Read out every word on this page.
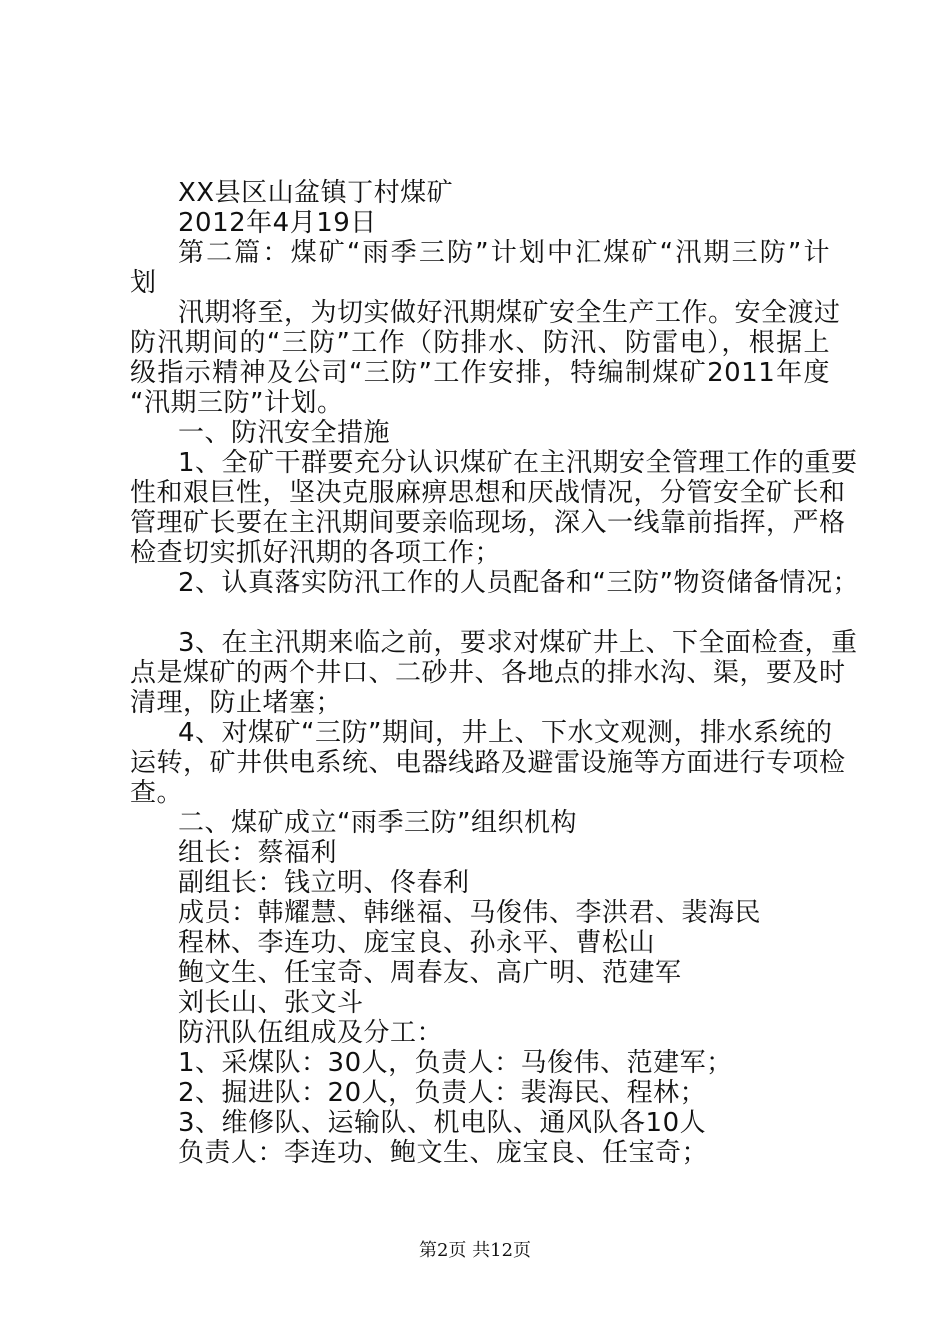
XX县区山盆镇丁村煤矿
2012年4月19日
第二篇：煤矿“雨季三防”计划中汇煤矿“汛期三防”计
划
汛期将至，为切实做好汛期煤矿安全生产工作。安全渡过
防汛期间的“三防”工作（防排水、防汛、防雷电），根据上
级指示精神及公司“三防”工作安排，特编制煤矿2011年度
“汛期三防”计划。
一、防汛安全措施
1、全矿干群要充分认识煤矿在主汛期安全管理工作的重要
性和艰巨性，坚决克服麻痹思想和厌战情况，分管安全矿长和
管理矿长要在主汛期间要亲临现场，深入一线靠前指挥，严格
检查切实抓好汛期的各项工作；
2、认真落实防汛工作的人员配备和“三防”物资储备情况；
3、在主汛期来临之前，要求对煤矿井上、下全面检查，重
点是煤矿的两个井口、二砂井、各地点的排水沟、渠，要及时
清理，防止堵塞；
4、对煤矿“三防”期间，井上、下水文观测，排水系统的
运转，矿井供电系统、电器线路及避雷设施等方面进行专项检
查。
二、煤矿成立“雨季三防”组织机构
组长：蔡福利
副组长：钱立明、佟春利
成员：韩耀慧、韩继福、马俊伟、李洪君、裴海民
程林、李连功、庞宝良、孙永平、曹松山
鲍文生、任宝奇、周春友、高广明、范建军
刘长山、张文斗
防汛队伍组成及分工：
1、采煤队：30人，负责人：马俊伟、范建军；
2、掘进队：20人，负责人：裴海民、程林；
3、维修队、运输队、机电队、通风队各10人
负责人：李连功、鲍文生、庞宝良、任宝奇；
第2页 共12页
